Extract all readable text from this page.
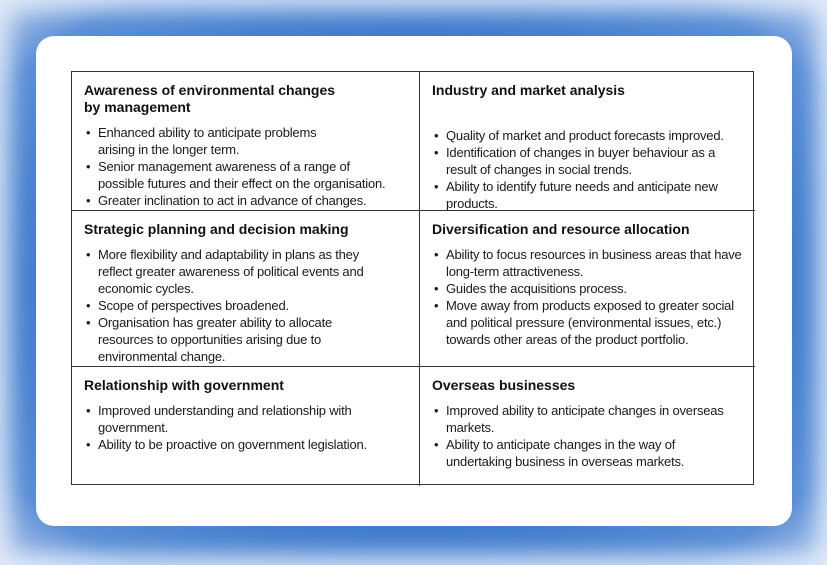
Awareness of environmental changes
by management
• Enhanced ability to anticipate problems arising in the longer term.
• Senior management awareness of a range of possible futures and their effect on the organisation.
• Greater inclination to act in advance of changes.
Industry and market analysis
• Quality of market and product forecasts improved.
• Identification of changes in buyer behaviour as a result of changes in social trends.
• Ability to identify future needs and anticipate new products.
Strategic planning and decision making
• More flexibility and adaptability in plans as they reflect greater awareness of political events and economic cycles.
• Scope of perspectives broadened.
• Organisation has greater ability to allocate resources to opportunities arising due to environmental change.
Diversification and resource allocation
• Ability to focus resources in business areas that have long-term attractiveness.
• Guides the acquisitions process.
• Move away from products exposed to greater social and political pressure (environmental issues, etc.) towards other areas of the product portfolio.
Relationship with government
• Improved understanding and relationship with government.
• Ability to be proactive on government legislation.
Overseas businesses
• Improved ability to anticipate changes in overseas markets.
• Ability to anticipate changes in the way of undertaking business in overseas markets.
